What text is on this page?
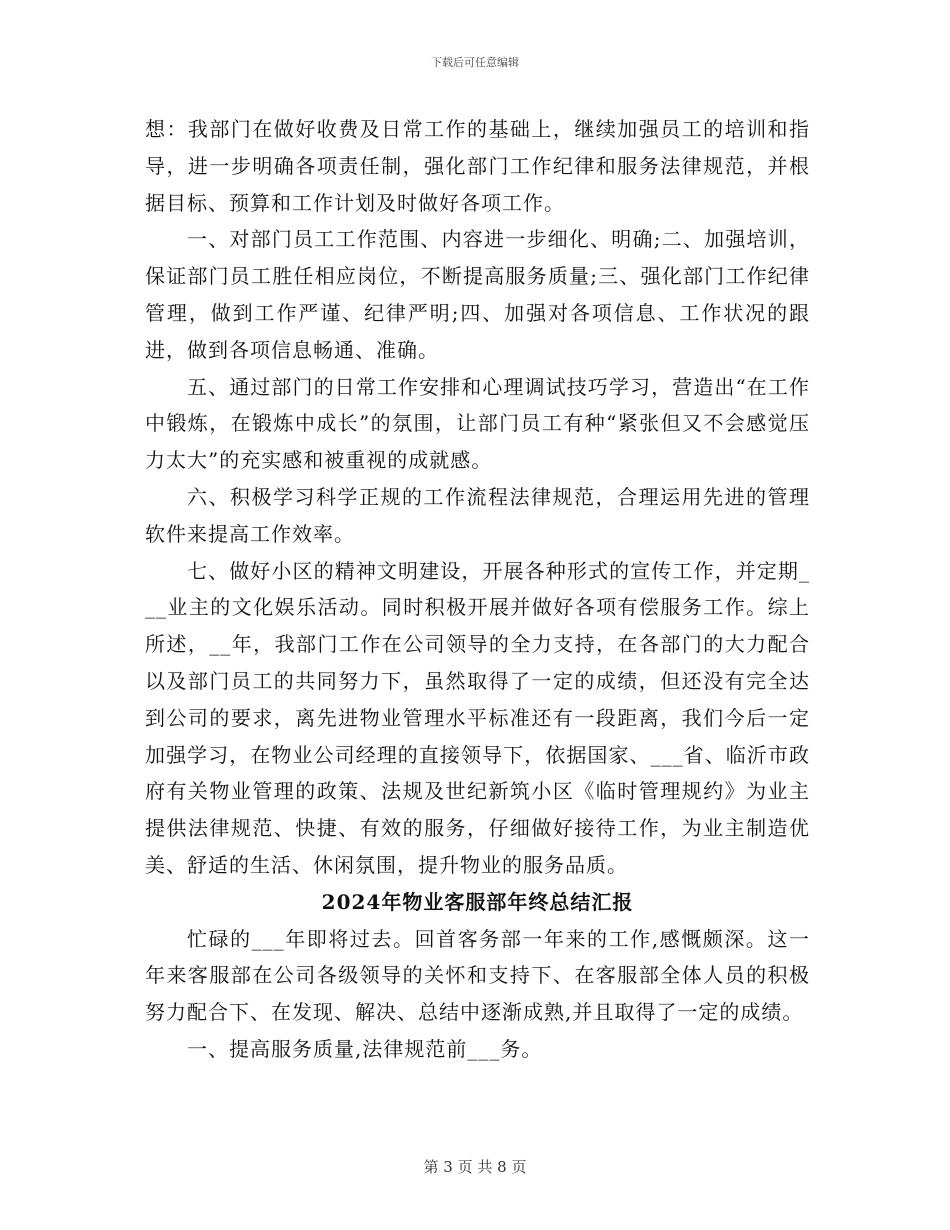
下载后可任意编辑

想：我部门在做好收费及日常工作的基础上，继续加强员工的培训和指导，进一步明确各项责任制，强化部门工作纪律和服务法律规范，并根据目标、预算和工作计划及时做好各项工作。

一、对部门员工工作范围、内容进一步细化、明确;二、加强培训，保证部门员工胜任相应岗位，不断提高服务质量;三、强化部门工作纪律管理，做到工作严谨、纪律严明;四、加强对各项信息、工作状况的跟进，做到各项信息畅通、准确。

五、通过部门的日常工作安排和心理调试技巧学习，营造出“在工作中锻炼，在锻炼中成长”的氛围，让部门员工有种“紧张但又不会感觉压力太大”的充实感和被重视的成就感。

六、积极学习科学正规的工作流程法律规范，合理运用先进的管理软件来提高工作效率。

七、做好小区的精神文明建设，开展各种形式的宣传工作，并定期___业主的文化娱乐活动。同时积极开展并做好各项有偿服务工作。综上所述，__年，我部门工作在公司领导的全力支持，在各部门的大力配合以及部门员工的共同努力下，虽然取得了一定的成绩，但还没有完全达到公司的要求，离先进物业管理水平标准还有一段距离，我们今后一定加强学习，在物业公司经理的直接领导下，依据国家、___省、临沂市政府有关物业管理的政策、法规及世纪新筑小区《临时管理规约》为业主提供法律规范、快捷、有效的服务，仔细做好接待工作，为业主制造优美、舒适的生活、休闲氛围，提升物业的服务品质。

2024年物业客服部年终总结汇报

忙碌的___年即将过去。回首客务部一年来的工作,感慨颇深。这一年来客服部在公司各级领导的关怀和支持下、在客服部全体人员的积极努力配合下、在发现、解决、总结中逐渐成熟,并且取得了一定的成绩。

一、提高服务质量,法律规范前___务。

第 3 页 共 8 页
